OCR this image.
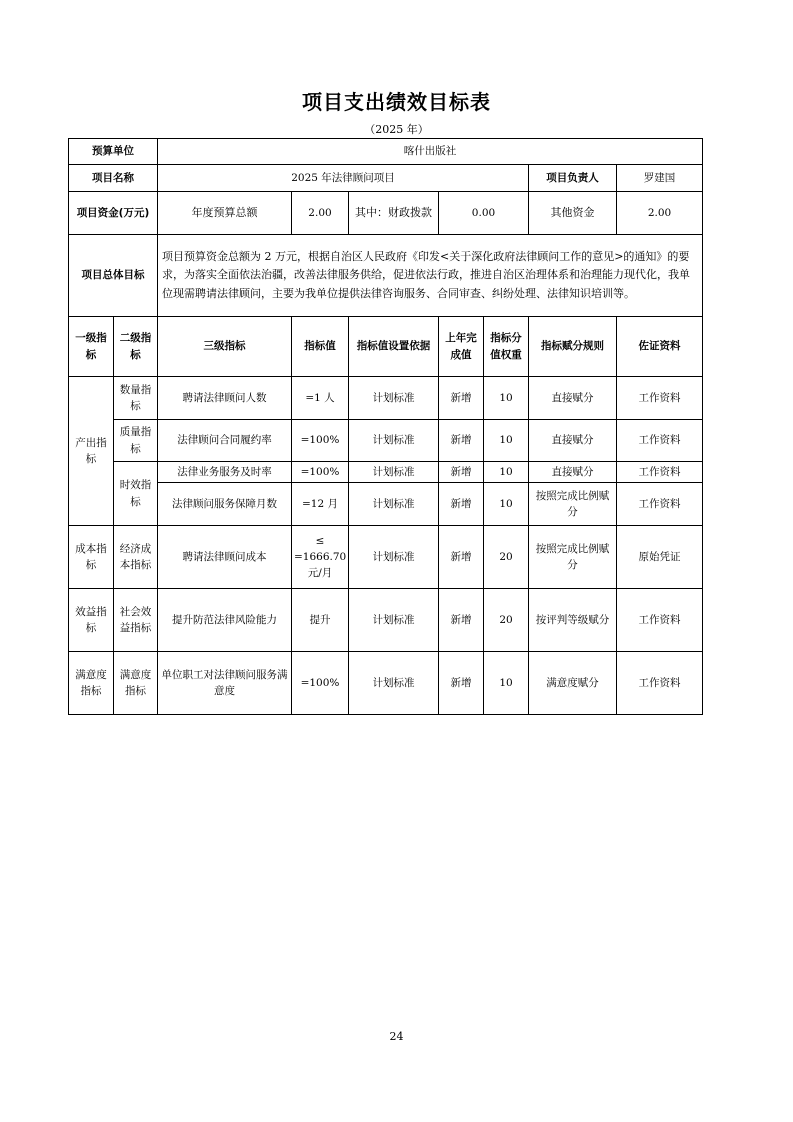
项目支出绩效目标表
（2025 年）
预算单位		喀什出版社						
项目名称		2025 年法律顾问项目					项目负责人	罗建国
项目资金(万元)		年度预算总额	2.00	其中：财政拨款	0.00		其他资金	2.00
项目总体目标		项目预算资金总额为 2 万元，根据自治区人民政府《印发<关于深化政府法律顾问工作的意见>的通知》的要求，为落实全面依法治疆，改善法律服务供给，促进依法行政，推进自治区治理体系和治理能力现代化，我单位现需聘请法律顾问，主要为我单位提供法律咨询服务、合同审查、纠纷处理、法律知识培训等。						
一级指标	二级指标	三级指标	指标值	指标值设置依据	上年完成值	指标分值权重	指标赋分规则	佐证资料
产出指标	数量指标	聘请法律顾问人数	=1 人	计划标准	新增	10	直接赋分	工作资料
	质量指标	法律顾问合同履约率	=100%	计划标准	新增	10	直接赋分	工作资料
	时效指标	法律业务服务及时率	=100%	计划标准	新增	10	直接赋分	工作资料
		法律顾问服务保障月数	=12 月	计划标准	新增	10	按照完成比例赋分	工作资料
成本指标	经济成本指标	聘请法律顾问成本	≤ =1666.70 元/月	计划标准	新增	20	按照完成比例赋分	原始凭证
效益指标	社会效益指标	提升防范法律风险能力	提升	计划标准	新增	20	按评判等级赋分	工作资料
满意度指标	满意度指标	单位职工对法律顾问服务满意度	=100%	计划标准	新增	10	满意度赋分	工作资料
24
